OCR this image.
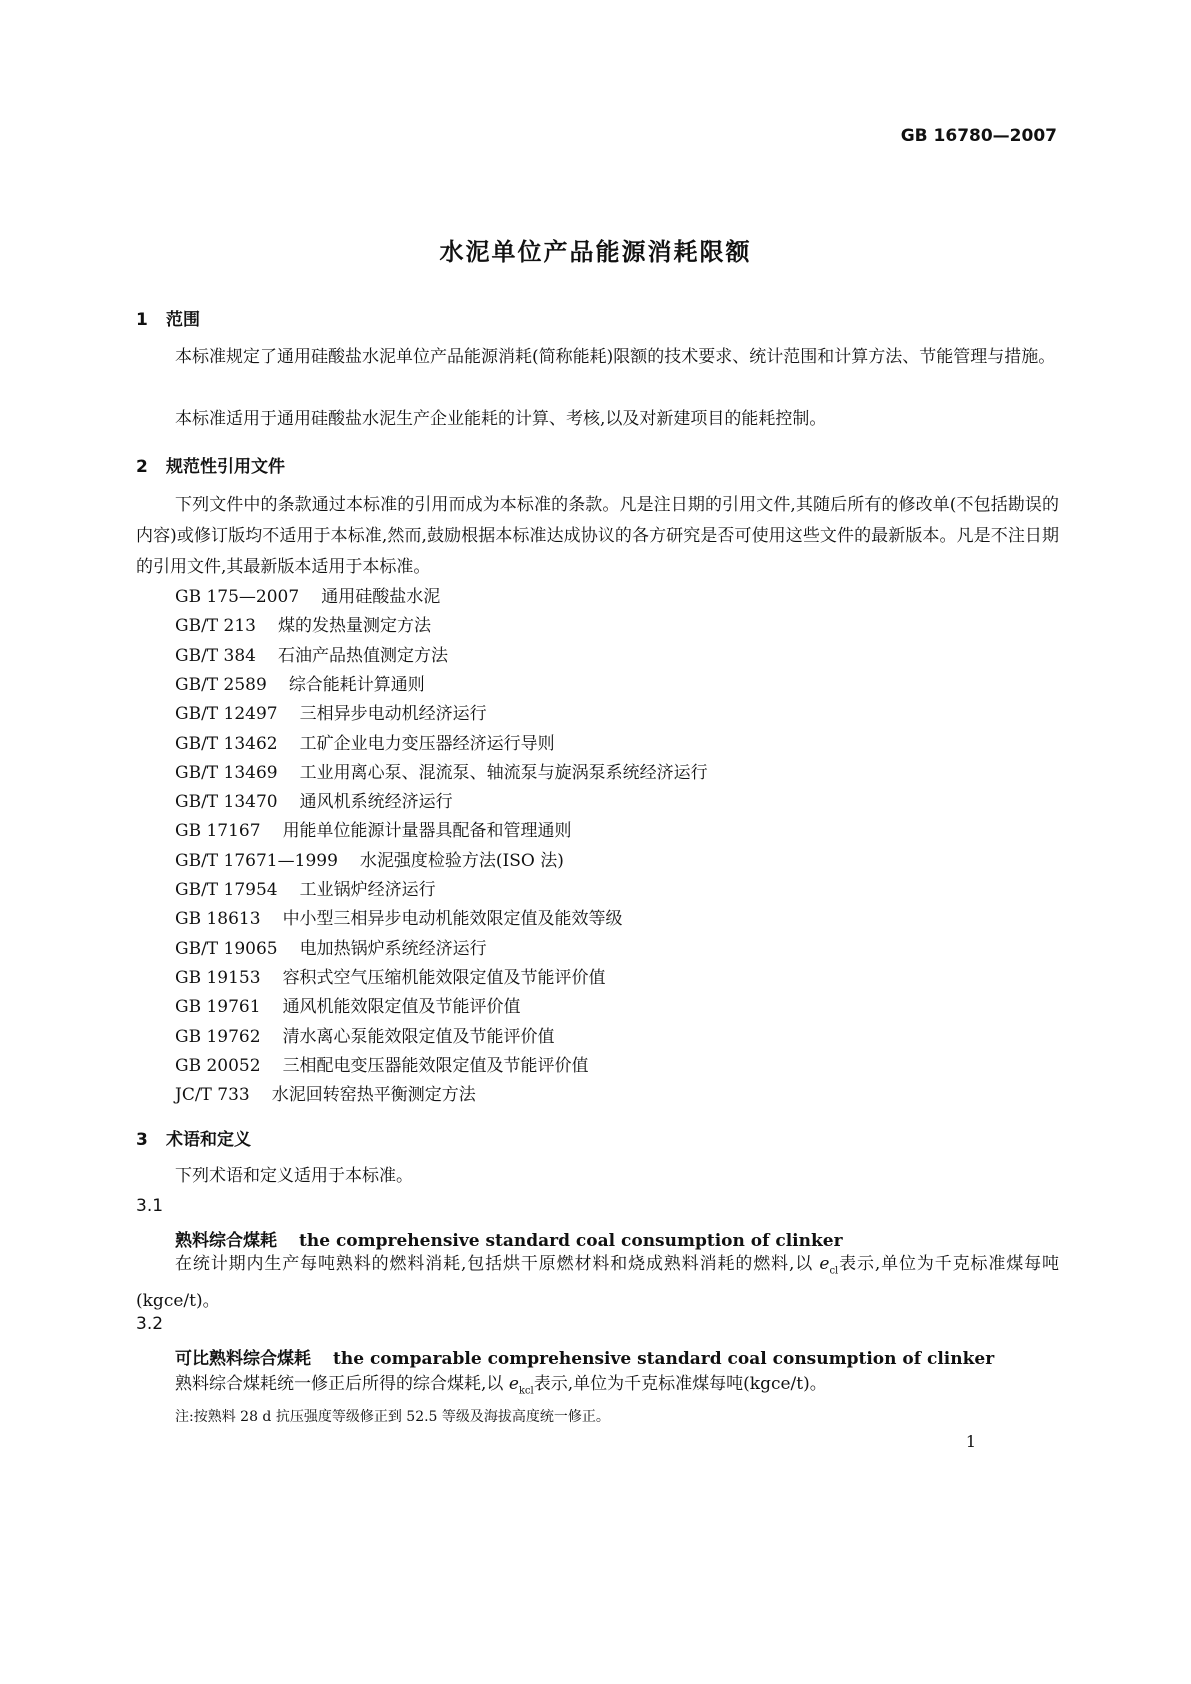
GB 16780—2007
水泥单位产品能源消耗限额
1 范围
本标准规定了通用硅酸盐水泥单位产品能源消耗(简称能耗)限额的技术要求、统计范围和计算方法、节能管理与措施。
本标准适用于通用硅酸盐水泥生产企业能耗的计算、考核,以及对新建项目的能耗控制。
2 规范性引用文件
下列文件中的条款通过本标准的引用而成为本标准的条款。凡是注日期的引用文件,其随后所有的修改单(不包括勘误的内容)或修订版均不适用于本标准,然而,鼓励根据本标准达成协议的各方研究是否可使用这些文件的最新版本。凡是不注日期的引用文件,其最新版本适用于本标准。
GB 175—2007 通用硅酸盐水泥
GB/T 213 煤的发热量测定方法
GB/T 384 石油产品热值测定方法
GB/T 2589 综合能耗计算通则
GB/T 12497 三相异步电动机经济运行
GB/T 13462 工矿企业电力变压器经济运行导则
GB/T 13469 工业用离心泵、混流泵、轴流泵与旋涡泵系统经济运行
GB/T 13470 通风机系统经济运行
GB 17167 用能单位能源计量器具配备和管理通则
GB/T 17671—1999 水泥强度检验方法(ISO 法)
GB/T 17954 工业锅炉经济运行
GB 18613 中小型三相异步电动机能效限定值及能效等级
GB/T 19065 电加热锅炉系统经济运行
GB 19153 容积式空气压缩机能效限定值及节能评价值
GB 19761 通风机能效限定值及节能评价值
GB 19762 清水离心泵能效限定值及节能评价值
GB 20052 三相配电变压器能效限定值及节能评价值
JC/T 733 水泥回转窑热平衡测定方法
3 术语和定义
下列术语和定义适用于本标准。
3.1
熟料综合煤耗 the comprehensive standard coal consumption of clinker
在统计期内生产每吨熟料的燃料消耗,包括烘干原燃材料和烧成熟料消耗的燃料,以 $e_{cl}$表示,单位为千克标准煤每吨(kgce/t)。
3.2
可比熟料综合煤耗 the comparable comprehensive standard coal consumption of clinker
熟料综合煤耗统一修正后所得的综合煤耗,以 $e_{kcl}$表示,单位为千克标准煤每吨(kgce/t)。
注:按熟料 28 d 抗压强度等级修正到 52.5 等级及海拔高度统一修正。
1
